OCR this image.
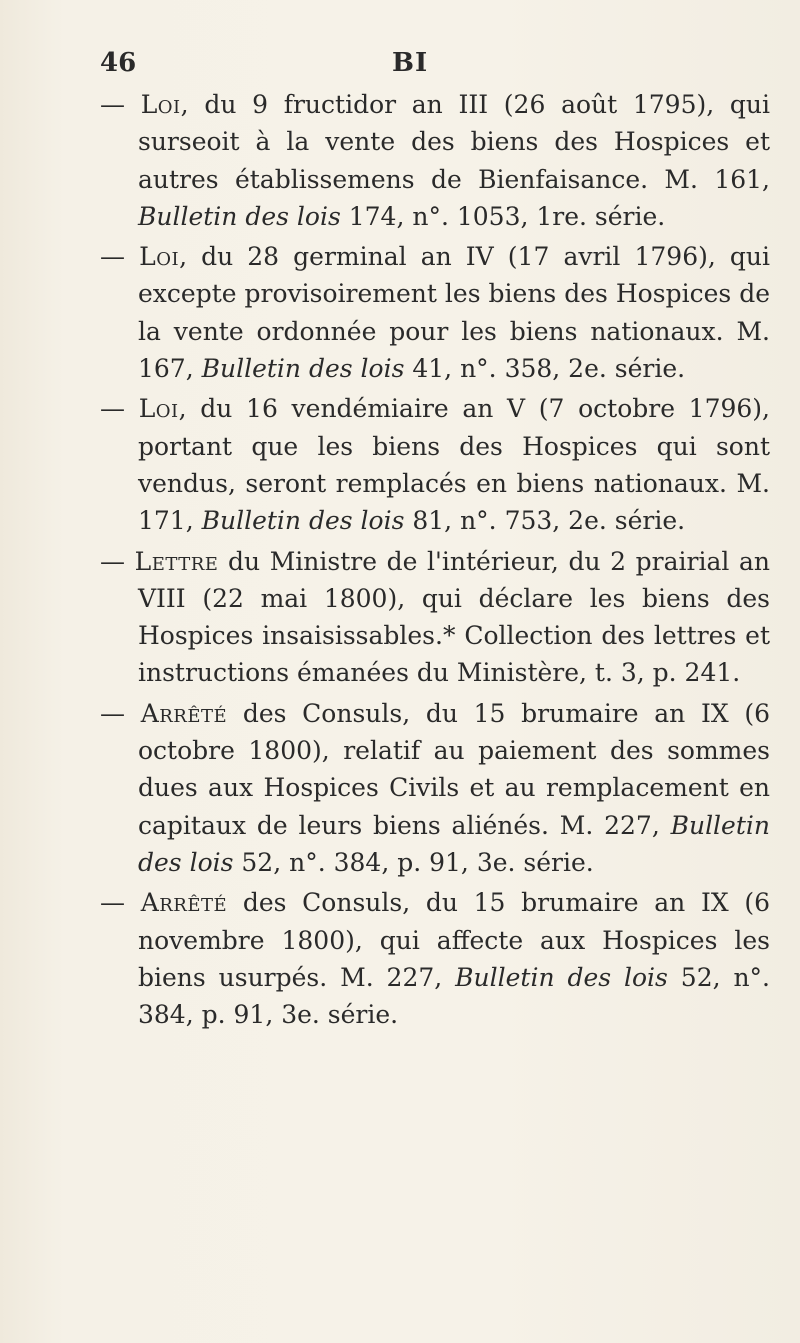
46	BI

— Loi, du 9 fructidor an III (26 août 1795), qui surseoit à la vente des biens des Hospices et autres établissemens de Bienfaisance. M. 161, Bulletin des lois 174, n°. 1053, 1re. série.

— Loi, du 28 germinal an IV (17 avril 1796), qui excepte provisoirement les biens des Hospices de la vente ordonnée pour les biens nationaux. M. 167, Bulletin des lois 41, n°. 358, 2e. série.

— Loi, du 16 vendémiaire an V (7 octobre 1796), portant que les biens des Hospices qui sont vendus, seront remplacés en biens nationaux. M. 171, Bulletin des lois 81, n°. 753, 2e. série.

— Lettre du Ministre de l'intérieur, du 2 prairial an VIII (22 mai 1800), qui déclare les biens des Hospices insaisissables.* Collection des lettres et instructions émanées du Ministère, t. 3, p. 241.

— Arrêté des Consuls, du 15 brumaire an IX (6 octobre 1800), relatif au paiement des sommes dues aux Hospices Civils et au remplacement en capitaux de leurs biens aliénés. M. 227, Bulletin des lois 52, n°. 384, p. 91, 3e. série.

— Arrêté des Consuls, du 15 brumaire an IX (6 novembre 1800), qui affecte aux Hospices les biens usurpés. M. 227, Bulletin des lois 52, n°. 384, p. 91, 3e. série.
